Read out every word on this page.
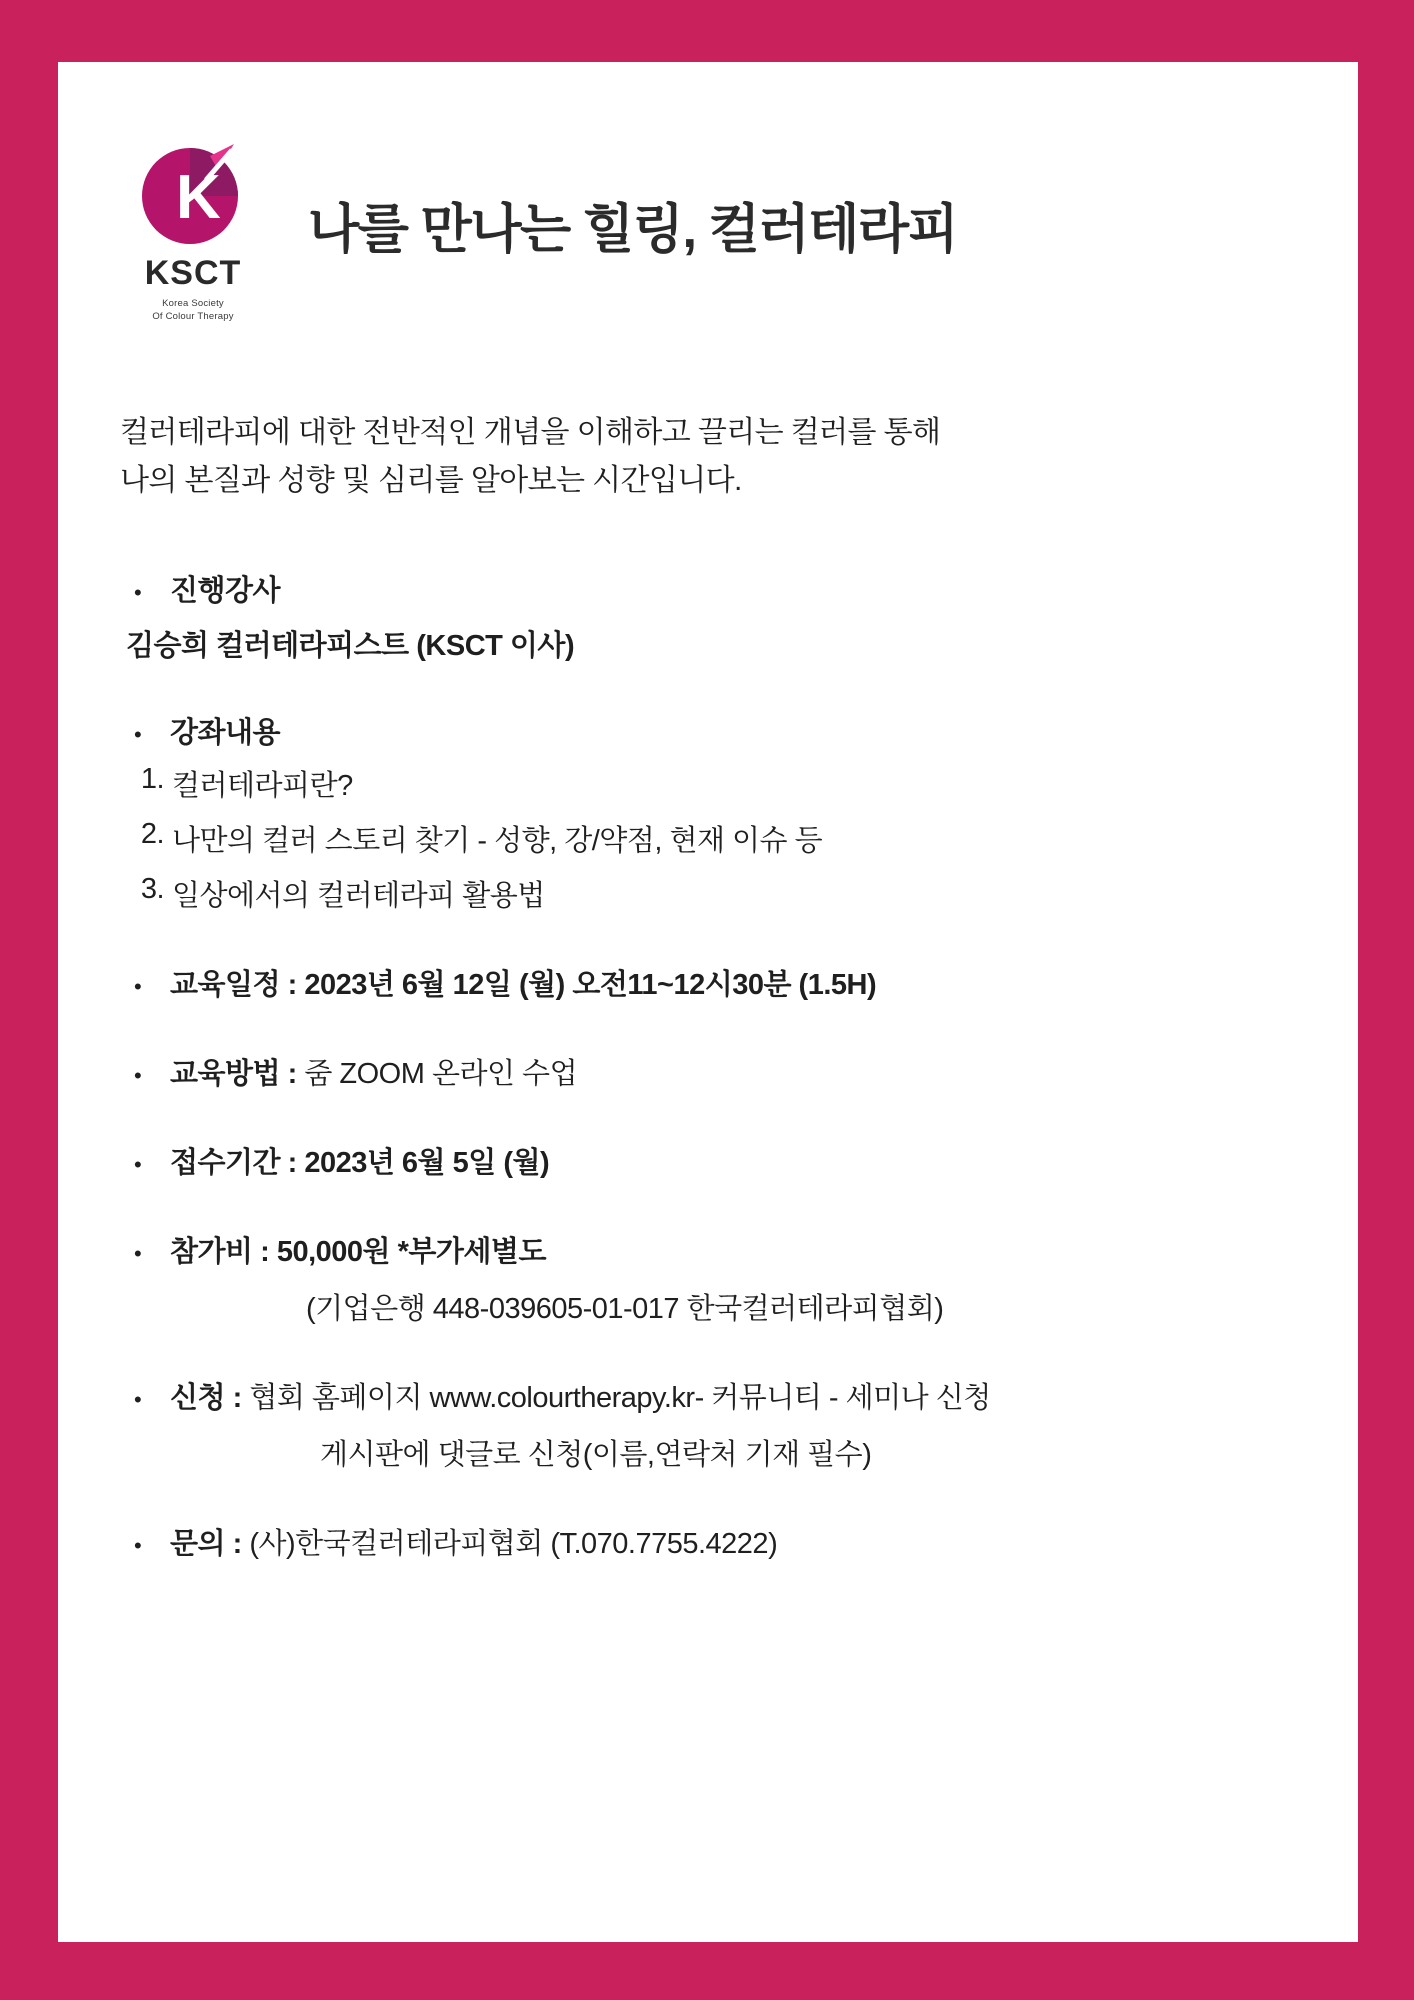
K
KSCT
Korea Society
Of Colour Therapy
나를 만나는 힐링, 컬러테라피
컬러테라피에 대한 전반적인 개념을 이해하고 끌리는 컬러를 통해
나의 본질과 성향 및 심리를 알아보는 시간입니다.
• 진행강사
김승희 컬러테라피스트 (KSCT 이사)
• 강좌내용
1. 컬러테라피란?
2. 나만의 컬러 스토리 찾기 - 성향, 강/약점, 현재 이슈 등
3. 일상에서의 컬러테라피 활용법
• 교육일정 :
2023년 6월 12일 (월) 오전11~12시30분 (1.5H)
• 교육방법 :
줌 ZOOM 온라인 수업
• 접수기간 :
2023년 6월 5일 (월)
• 참가비 :
50,000원 *부가세별도
(기업은행 448-039605-01-017 한국컬러테라피협회)
• 신청 :
협회 홈페이지 www.colourtherapy.kr- 커뮤니티 - 세미나 신청
게시판에 댓글로 신청(이름,연락처 기재 필수)
• 문의 :
(사)한국컬러테라피협회 (T.070.7755.4222)
